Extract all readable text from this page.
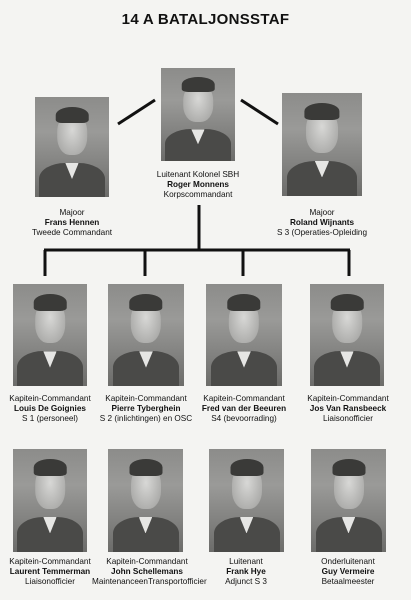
14 A BATALJONSSTAF
Luitenant Kolonel SBH
Roger Monnens
Korpscommandant
Majoor
Frans Hennen
Tweede Commandant
Majoor
Roland Wijnants
S 3 (Operaties-Opleiding
Kapitein-Commandant
Louis De Goignies
S 1 (personeel)
Kapitein-Commandant
Pierre Tyberghein
S 2 (inlichtingen) en OSC
Kapitein-Commandant
Fred van der Beeuren
S4 (bevoorrading)
Kapitein-Commandant
Jos Van Ransbeeck
Liaisonofficier
Kapitein-Commandant
Laurent Temmerman
Liaisonofficier
Kapitein-Commandant
John Schellemans
MaintenanceenTransportofficier
Luitenant
Frank Hye
Adjunct S 3
Onderluitenant
Guy Vermeire
Betaalmeester
